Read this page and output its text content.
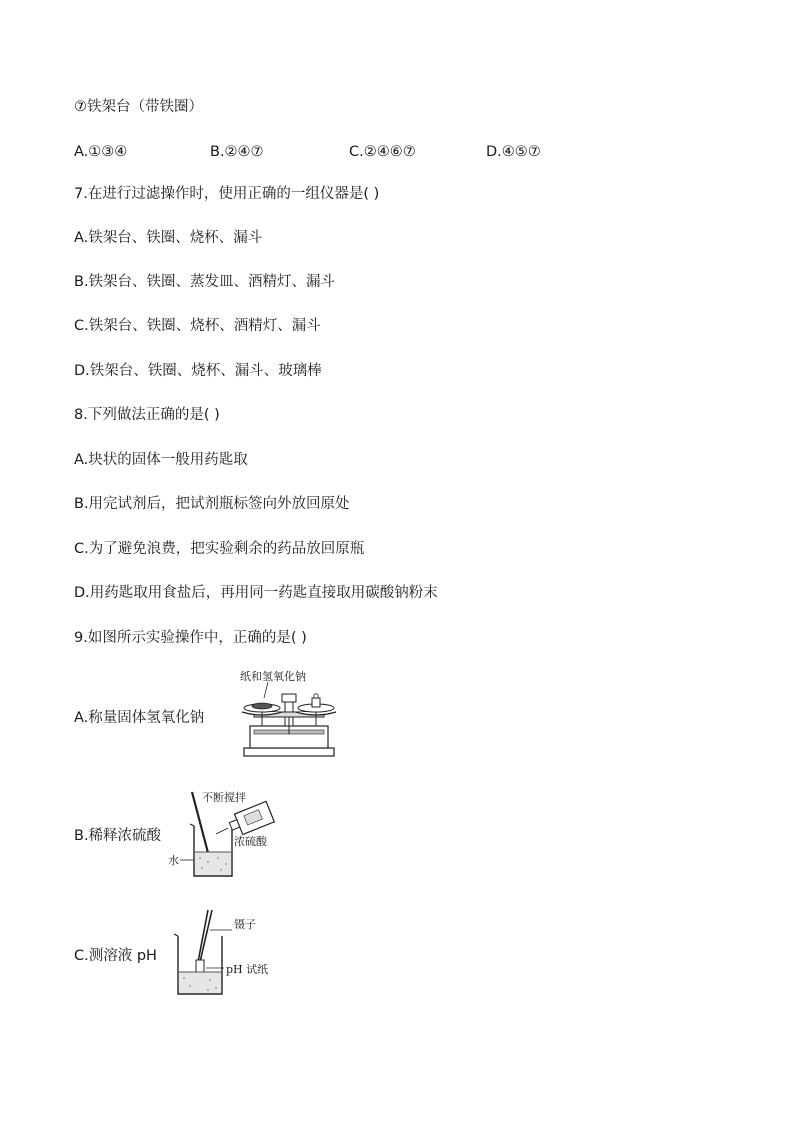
⑦铁架台（带铁圈）
A.①③④	B.②④⑦	C.②④⑥⑦	D.④⑤⑦
7.在进行过滤操作时，使用正确的一组仪器是( )
A.铁架台、铁圈、烧杯、漏斗
B.铁架台、铁圈、蒸发皿、酒精灯、漏斗
C.铁架台、铁圈、烧杯、酒精灯、漏斗
D.铁架台、铁圈、烧杯、漏斗、玻璃棒
8.下列做法正确的是( )
A.块状的固体一般用药匙取
B.用完试剂后，把试剂瓶标签向外放回原处
C.为了避免浪费，把实验剩余的药品放回原瓶
D.用药匙取用食盐后，再用同一药匙直接取用碳酸钠粉末
9.如图所示实验操作中，正确的是( )
A.称量固体氢氧化钠
纸和氢氧化钠
B.稀释浓硫酸
不断搅拌
浓硫酸
水
C.测溶液 pH
镊子
pH 试纸
